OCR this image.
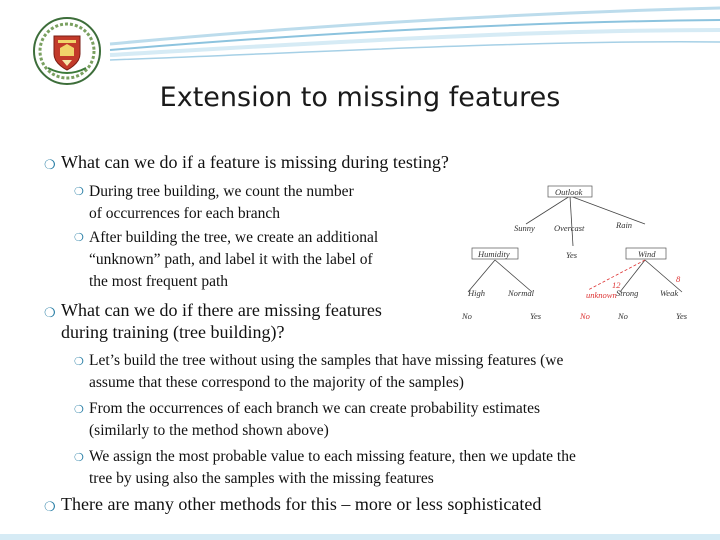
Extension to missing features
❍ What can we do if a feature is missing during testing?
❍ During tree building, we count the number
of occurrences for each branch
❍ After building the tree, we create an additional
“unknown” path, and label it with the label of
the most frequent path
❍ What can we do if there are missing features
during training (tree building)?
❍ Let’s build the tree without using the samples that have missing features (we
assume that these correspond to the majority of the samples)
❍ From the occurrences of each branch we can create probability estimates
(similarly to the method shown above)
❍ We assign the most probable value to each missing feature, then we update the
tree by using also the samples with the missing features
❍ There are many other methods for this – more or less sophisticated
Outlook
Sunny Overcast	Rain
Humidity	Yes	Wind
High	Normal	unknown
12
8
Strong	Weak
No	Yes	No	No	Yes
